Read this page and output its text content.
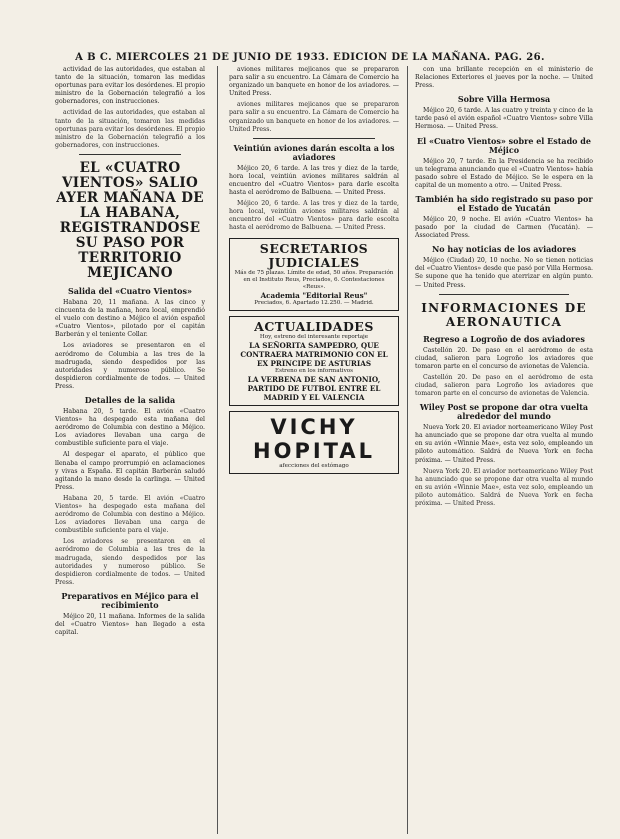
A B C. MIERCOLES 21 DE JUNIO DE 1933. EDICION DE LA MAÑANA. PAG. 26.

actividad de las autoridades, que estaban al tanto de la situación, tomaron las medidas oportunas para evitar los desórdenes. El propio ministro de la Gobernación telegrafió a los gobernadores, con instrucciones.

actividad de las autoridades, que estaban al tanto de la situación, tomaron las medidas oportunas para evitar los desórdenes. El propio ministro de la Gobernación telegrafió a los gobernadores, con instrucciones.

EL «CUATRO VIENTOS» SALIO AYER MAÑANA DE LA HABANA, REGISTRANDOSE SU PASO POR TERRITORIO MEJICANO
Salida del «Cuatro Vientos»

Habana 20, 11 mañana. A las cinco y cincuenta de la mañana, hora local, emprendió el vuelo con destino a Méjico el avión español «Cuatro Vientos», pilotado por el capitán Barberán y el teniente Collar.

Los aviadores se presentaron en el aeródromo de Columbia a las tres de la madrugada, siendo despedidos por las autoridades y numeroso público. Se despidieron cordialmente de todos. — United Press.

Detalles de la salida

Habana 20, 5 tarde. El avión «Cuatro Vientos» ha despegado esta mañana del aeródromo de Columbia con destino a Méjico. Los aviadores llevaban una carga de combustible suficiente para el viaje.

Al despegar el aparato, el público que llenaba el campo prorrumpió en aclamaciones y vivas a España. El capitán Barberán saludó agitando la mano desde la carlinga. — United Press.

Habana 20, 5 tarde. El avión «Cuatro Vientos» ha despegado esta mañana del aeródromo de Columbia con destino a Méjico. Los aviadores llevaban una carga de combustible suficiente para el viaje.

Los aviadores se presentaron en el aeródromo de Columbia a las tres de la madrugada, siendo despedidos por las autoridades y numeroso público. Se despidieron cordialmente de todos. — United Press.

Preparativos en Méjico para el recibimiento

Méjico 20, 11 mañana. Informes de la salida del «Cuatro Vientos» han llegado a esta capital.

aviones militares mejicanos que se prepararon para salir a su encuentro. La Cámara de Comercio ha organizado un banquete en honor de los aviadores. — United Press.

aviones militares mejicanos que se prepararon para salir a su encuentro. La Cámara de Comercio ha organizado un banquete en honor de los aviadores. — United Press.

Veintiún aviones darán escolta a los aviadores

Méjico 20, 6 tarde. A las tres y diez de la tarde, hora local, veintiún aviones militares saldrán al encuentro del «Cuatro Vientos» para darle escolta hasta el aeródromo de Balbuena. — United Press.

Méjico 20, 6 tarde. A las tres y diez de la tarde, hora local, veintiún aviones militares saldrán al encuentro del «Cuatro Vientos» para darle escolta hasta el aeródromo de Balbuena. — United Press.

SECRETARIOS JUDICIALES
Más de 75 plazas. Límite de edad, 50 años. Preparación en el Instituto Reus, Preciados, 6. Contestaciones «Reus».
Academia "Editorial Reus"
Preciados, 6. Apartado 12.250. — Madrid.
ACTUALIDADES
Hoy, estreno del interesante reportaje
LA SEÑORITA SAMPEDRO, QUE CONTRAERA MATRIMONIO CON EL EX PRINCIPE DE ASTURIAS
Estreno en los informativos
LA VERBENA DE SAN ANTONIO, PARTIDO DE FUTBOL ENTRE EL MADRID Y EL VALENCIA
VICHY HOPITAL
afecciones del estómago

con una brillante recepción en el ministerio de Relaciones Exteriores el jueves por la noche. — United Press.

Sobre Villa Hermosa

Méjico 20, 6 tarde. A las cuatro y treinta y cinco de la tarde pasó el avión español «Cuatro Vientos» sobre Villa Hermosa. — United Press.

El «Cuatro Vientos» sobre el Estado de Méjico

Méjico 20, 7 tarde. En la Presidencia se ha recibido un telegrama anunciando que el «Cuatro Vientos» había pasado sobre el Estado de Méjico. Se le espera en la capital de un momento a otro. — United Press.

También ha sido registrado su paso por el Estado de Yucatán

Méjico 20, 9 noche. El avión «Cuatro Vientos» ha pasado por la ciudad de Carmen (Yucatán). — Associated Press.

No hay noticias de los aviadores

Méjico (Ciudad) 20, 10 noche. No se tienen noticias del «Cuatro Vientos» desde que pasó por Villa Hermosa. Se supone que ha tenido que aterrizar en algún punto. — United Press.

INFORMACIONES DE AERONAUTICA
Regreso a Logroño de dos aviadores

Castellón 20. De paso en el aeródromo de esta ciudad, salieron para Logroño los aviadores que tomaron parte en el concurso de avionetas de Valencia.

Castellón 20. De paso en el aeródromo de esta ciudad, salieron para Logroño los aviadores que tomaron parte en el concurso de avionetas de Valencia.

Wiley Post se propone dar otra vuelta alrededor del mundo

Nueva York 20. El aviador norteamericano Wiley Post ha anunciado que se propone dar otra vuelta al mundo en su avión «Winnie Mae», esta vez solo, empleando un piloto automático. Saldrá de Nueva York en fecha próxima. — United Press.

Nueva York 20. El aviador norteamericano Wiley Post ha anunciado que se propone dar otra vuelta al mundo en su avión «Winnie Mae», esta vez solo, empleando un piloto automático. Saldrá de Nueva York en fecha próxima. — United Press.
